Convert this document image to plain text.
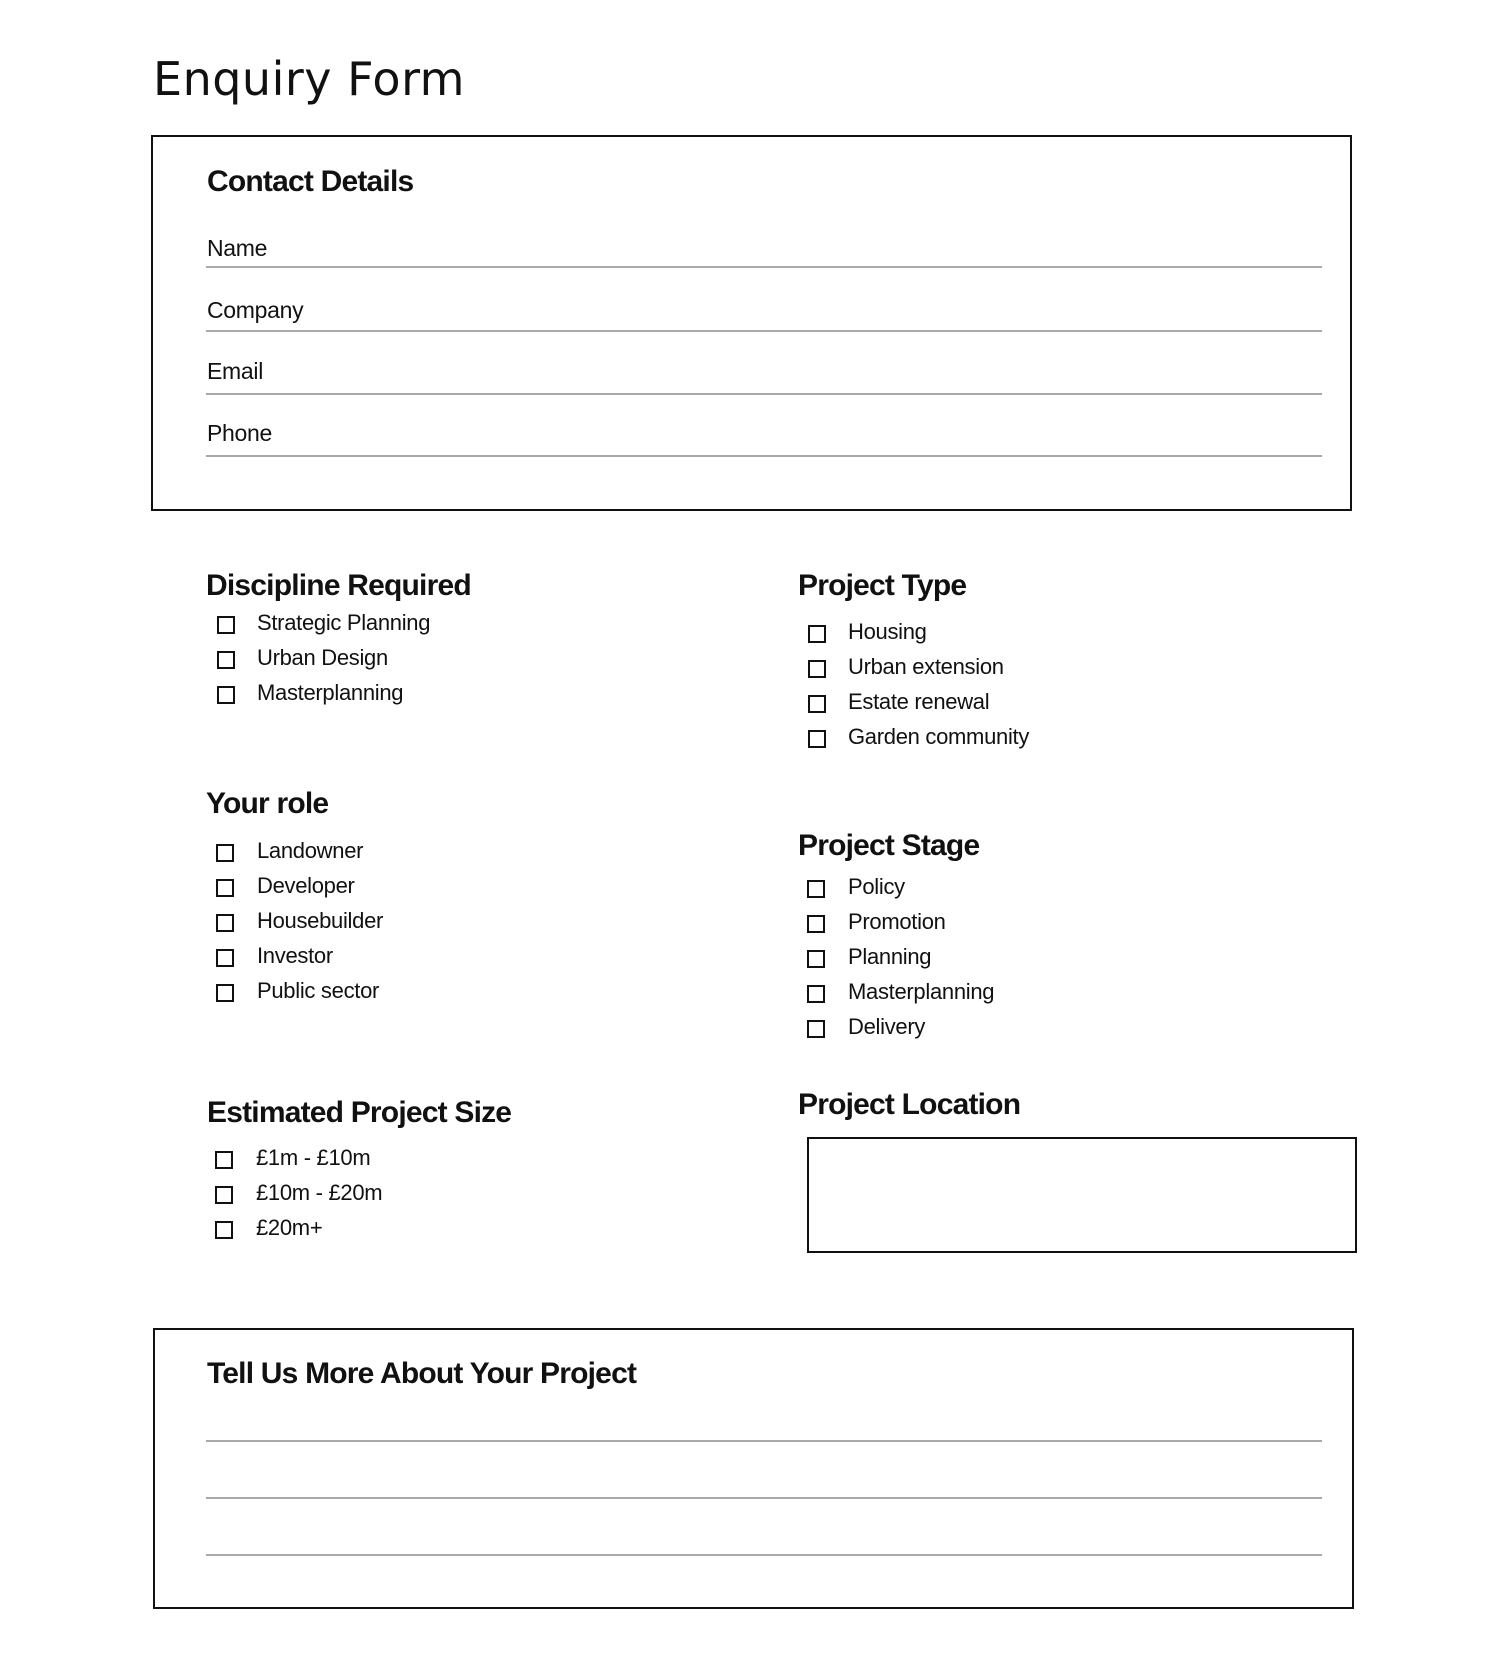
Enquiry Form
Contact Details
Name
Company
Email
Phone
Discipline Required
Strategic Planning
Urban Design
Masterplanning
Project Type
Housing
Urban extension
Estate renewal
Garden community
Your role
Landowner
Developer
Housebuilder
Investor
Public sector
Project Stage
Policy
Promotion
Planning
Masterplanning
Delivery
Estimated Project Size
£1m - £10m
£10m - £20m
£20m+
Project Location
Tell Us More About Your Project
